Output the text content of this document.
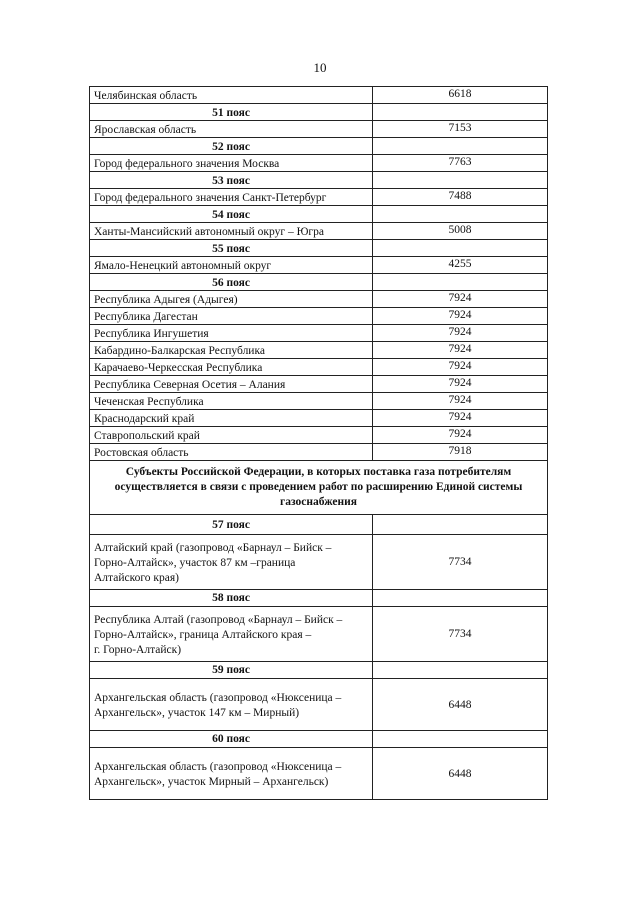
10
Челябинская область	6618
51 пояс	
Ярославская область	7153
52 пояс	
Город федерального значения Москва	7763
53 пояс	
Город федерального значения Санкт-Петербург	7488
54 пояс	
Ханты-Мансийский автономный округ – Югра	5008
55 пояс	
Ямало-Ненецкий автономный округ	4255
56 пояс	
Республика Адыгея (Адыгея)	7924
Республика Дагестан	7924
Республика Ингушетия	7924
Кабардино-Балкарская Республика	7924
Карачаево-Черкесская Республика	7924
Республика Северная Осетия – Алания	7924
Чеченская Республика	7924
Краснодарский край	7924
Ставропольский край	7924
Ростовская область	7918

Субъекты Российской Федерации, в которых поставка газа потребителям
осуществляется в связи с проведением работ по расширению Единой системы
газоснабжения	

57 пояс	

Алтайский край (газопровод «Барнаул – Бийск –
Горно-Алтайск», участок 87 км –граница
Алтайского края)	7734
58 пояс	

Республика Алтай (газопровод «Барнаул – Бийск –
Горно-Алтайск», граница Алтайского края –
г. Горно-Алтайск)	7734
59 пояс	

Архангельская область (газопровод «Нюксеница –
Архангельск», участок 147 км – Мирный)	6448
60 пояс	

Архангельская область (газопровод «Нюксеница –
Архангельск», участок Мирный – Архангельск)	6448
